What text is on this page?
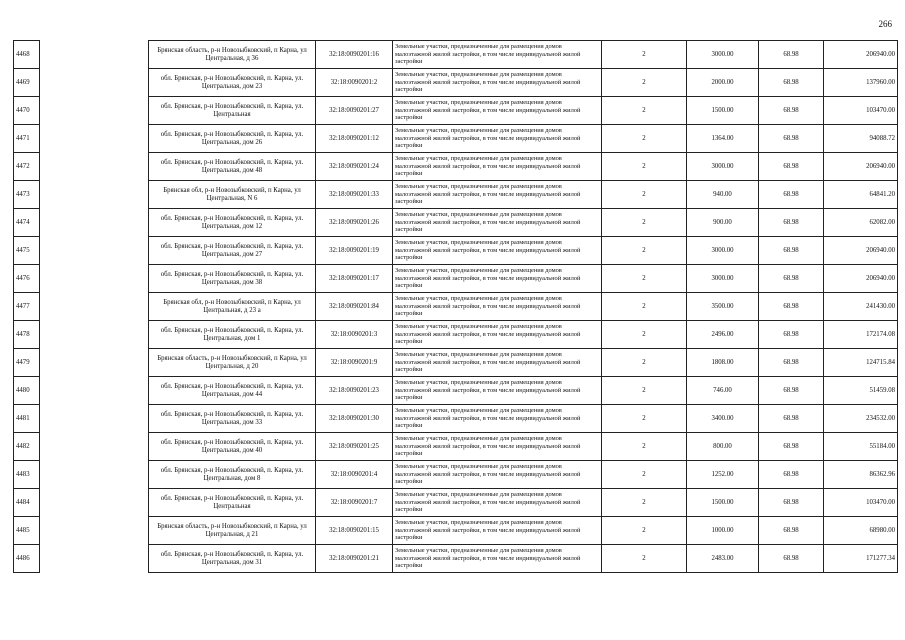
266
4468		Брянская область, р-н Новозыбковский, п Карна, ул Центральная, д 36	32:18:0090201:16	Земельные участки, предназначенные для размещения домов малоэтажной жилой застройки, в том числе индивидуальной жилой застройки	2	3000.00	68.98	206940.00
4469		обл. Брянская, р-н Новозыбковский, п. Карна, ул. Центральная, дом 23	32:18:0090201:2	Земельные участки, предназначенные для размещения домов малоэтажной жилой застройки, в том числе индивидуальной жилой застройки	2	2000.00	68.98	137960.00
4470		обл. Брянская, р-н Новозыбковский, п. Карна, ул. Центральная	32:18:0090201:27	Земельные участки, предназначенные для размещения домов малоэтажной жилой застройки, в том числе индивидуальной жилой застройки	2	1500.00	68.98	103470.00
4471		обл. Брянская, р-н Новозыбковский, п. Карна, ул. Центральная, дом 26	32:18:0090201:12	Земельные участки, предназначенные для размещения домов малоэтажной жилой застройки, в том числе индивидуальной жилой застройки	2	1364.00	68.98	94088.72
4472		обл. Брянская, р-н Новозыбковский, п. Карна, ул. Центральная, дом 48	32:18:0090201:24	Земельные участки, предназначенные для размещения домов малоэтажной жилой застройки, в том числе индивидуальной жилой застройки	2	3000.00	68.98	206940.00
4473		Брянская обл, р-н Новозыбковский, п Карна, ул Центральная, N 6	32:18:0090201:33	Земельные участки, предназначенные для размещения домов малоэтажной жилой застройки, в том числе индивидуальной жилой застройки	2	940.00	68.98	64841.20
4474		обл. Брянская, р-н Новозыбковский, п. Карна, ул. Центральная, дом 12	32:18:0090201:26	Земельные участки, предназначенные для размещения домов малоэтажной жилой застройки, в том числе индивидуальной жилой застройки	2	900.00	68.98	62082.00
4475		обл. Брянская, р-н Новозыбковский, п. Карна, ул. Центральная, дом 27	32:18:0090201:19	Земельные участки, предназначенные для размещения домов малоэтажной жилой застройки, в том числе индивидуальной жилой застройки	2	3000.00	68.98	206940.00
4476		обл. Брянская, р-н Новозыбковский, п. Карна, ул. Центральная, дом 38	32:18:0090201:17	Земельные участки, предназначенные для размещения домов малоэтажной жилой застройки, в том числе индивидуальной жилой застройки	2	3000.00	68.98	206940.00
4477		Брянская обл, р-н Новозыбковский, п Карна, ул Центральная, д 23 а	32:18:0090201:84	Земельные участки, предназначенные для размещения домов малоэтажной жилой застройки, в том числе индивидуальной жилой застройки	2	3500.00	68.98	241430.00
4478		обл. Брянская, р-н Новозыбковский, п. Карна, ул. Центральная, дом 1	32:18:0090201:3	Земельные участки, предназначенные для размещения домов малоэтажной жилой застройки, в том числе индивидуальной жилой застройки	2	2496.00	68.98	172174.08
4479		Брянская область, р-н Новозыбковский, п Карна, ул Центральная, д 20	32:18:0090201:9	Земельные участки, предназначенные для размещения домов малоэтажной жилой застройки, в том числе индивидуальной жилой застройки	2	1808.00	68.98	124715.84
4480		обл. Брянская, р-н Новозыбковский, п. Карна, ул. Центральная, дом 44	32:18:0090201:23	Земельные участки, предназначенные для размещения домов малоэтажной жилой застройки, в том числе индивидуальной жилой застройки	2	746.00	68.98	51459.08
4481		обл. Брянская, р-н Новозыбковский, п. Карна, ул. Центральная, дом 33	32:18:0090201:30	Земельные участки, предназначенные для размещения домов малоэтажной жилой застройки, в том числе индивидуальной жилой застройки	2	3400.00	68.98	234532.00
4482		обл. Брянская, р-н Новозыбковский, п. Карна, ул. Центральная, дом 40	32:18:0090201:25	Земельные участки, предназначенные для размещения домов малоэтажной жилой застройки, в том числе индивидуальной жилой застройки	2	800.00	68.98	55184.00
4483		обл. Брянская, р-н Новозыбковский, п. Карна, ул. Центральная, дом 8	32:18:0090201:4	Земельные участки, предназначенные для размещения домов малоэтажной жилой застройки, в том числе индивидуальной жилой застройки	2	1252.00	68.98	86362.96
4484		обл. Брянская, р-н Новозыбковский, п. Карна, ул. Центральная	32:18:0090201:7	Земельные участки, предназначенные для размещения домов малоэтажной жилой застройки, в том числе индивидуальной жилой застройки	2	1500.00	68.98	103470.00
4485		Брянская область, р-н Новозыбковский, п Карна, ул Центральная, д 21	32:18:0090201:15	Земельные участки, предназначенные для размещения домов малоэтажной жилой застройки, в том числе индивидуальной жилой застройки	2	1000.00	68.98	68980.00
4486		обл. Брянская, р-н Новозыбковский, п. Карна, ул. Центральная, дом 31	32:18:0090201:21	Земельные участки, предназначенные для размещения домов малоэтажной жилой застройки, в том числе индивидуальной жилой застройки	2	2483.00	68.98	171277.34
